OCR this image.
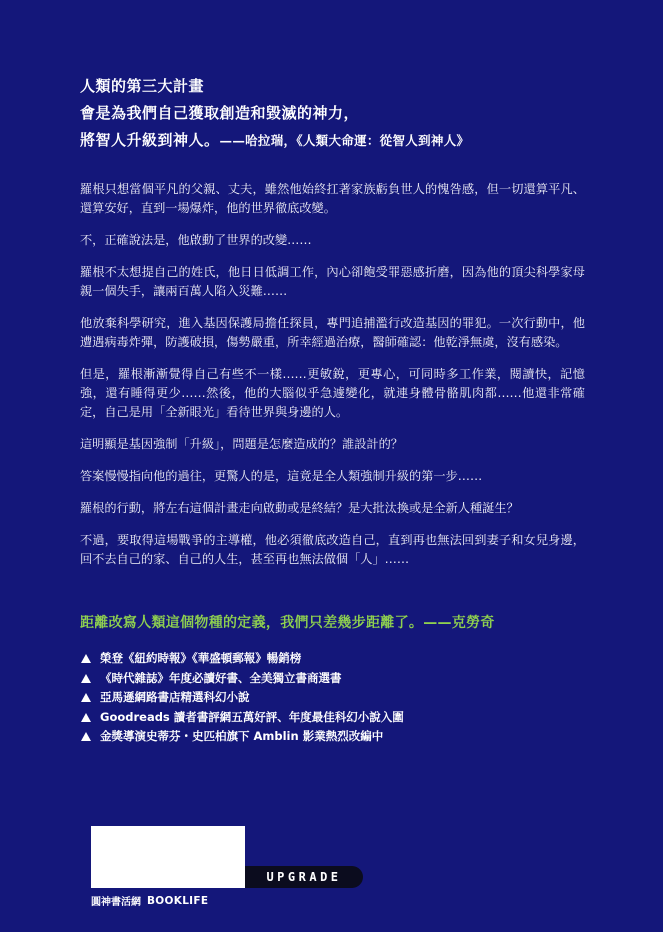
人類的第三大計畫
會是為我們自己獲取創造和毀滅的神力，
將智人升級到神人。——哈拉瑞，《人類大命運：從智人到神人》

羅根只想當個平凡的父親、丈夫，雖然他始終扛著家族虧負世人的愧咎感，但一切還算平凡、還算安好，直到一場爆炸，他的世界徹底改變。

不，正確說法是，他啟動了世界的改變……

羅根不太想提自己的姓氏，他日日低調工作，內心卻飽受罪惡感折磨，因為他的頂尖科學家母親一個失手，讓兩百萬人陷入災難……

他放棄科學研究，進入基因保護局擔任探員，專門追捕濫行改造基因的罪犯。一次行動中，他遭遇病毒炸彈，防護破損，傷勢嚴重，所幸經過治療，醫師確認：他乾淨無虞，沒有感染。

但是，羅根漸漸覺得自己有些不一樣……更敏銳，更專心，可同時多工作業，閱讀快，記憶強，還有睡得更少……然後，他的大腦似乎急遽變化，就連身體骨骼肌肉都……他還非常確定，自己是用「全新眼光」看待世界與身邊的人。

這明顯是基因強制「升級」，問題是怎麼造成的？誰設計的？

答案慢慢指向他的過往，更驚人的是，這竟是全人類強制升級的第一步……

羅根的行動，將左右這個計畫走向啟動或是終結？是大批汰換或是全新人種誕生？

不過，要取得這場戰爭的主導權，他必須徹底改造自己，直到再也無法回到妻子和女兒身邊，回不去自己的家、自己的人生，甚至再也無法做個「人」……

距離改寫人類這個物種的定義，我們只差幾步距離了。——克勞奇
榮登《紐約時報》《華盛頓郵報》暢銷榜
《時代雜誌》年度必讀好書、全美獨立書商選書
亞馬遜網路書店精選科幻小說
Goodreads 讀者書評網五萬好評、年度最佳科幻小說入圍
金獎導演史蒂芬・史匹柏旗下 Amblin 影業熱烈改編中
UPGRADE
圓神書活網 BOOKLIFE
